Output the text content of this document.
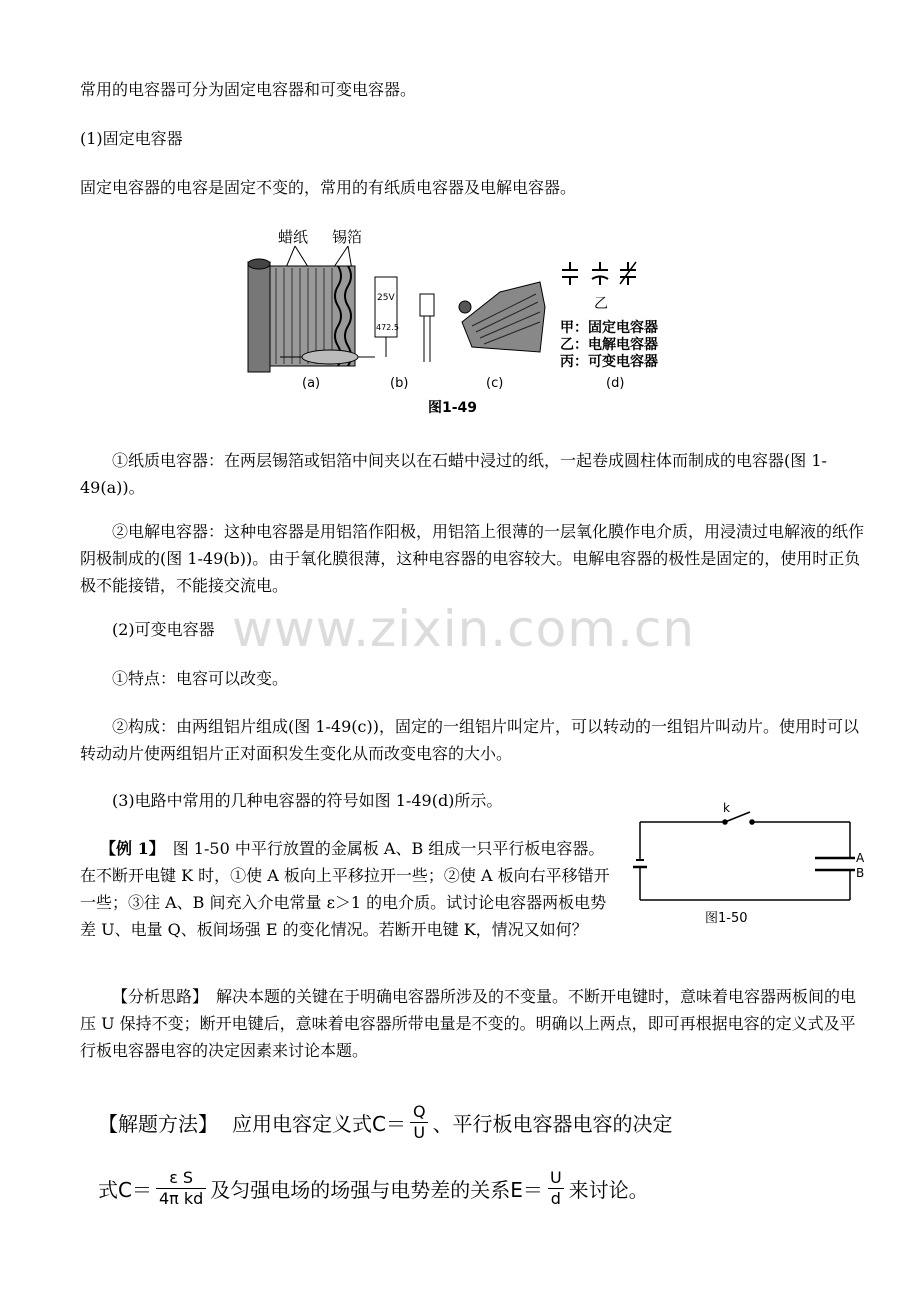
常用的电容器可分为固定电容器和可变电容器。

(1)固定电容器

固定电容器的电容是固定不变的，常用的有纸质电容器及电解电容器。

蜡纸 锡箔
25V
472.5
乙
甲：固定电容器
乙：电解电容器
丙：可变电容器
(a)	(b)	(c)	(d)
图1-49

①纸质电容器：在两层锡箔或铝箔中间夹以在石蜡中浸过的纸，一起卷成圆柱体而制成的电容器(图 1-49(a))。

②电解电容器：这种电容器是用铝箔作阳极，用铝箔上很薄的一层氧化膜作电介质，用浸渍过电解液的纸作阴极制成的(图 1-49(b))。由于氧化膜很薄，这种电容器的电容较大。电解电容器的极性是固定的，使用时正负极不能接错，不能接交流电。

www.zixin.com.cn

(2)可变电容器

①特点：电容可以改变。

②构成：由两组铝片组成(图 1-49(c))，固定的一组铝片叫定片，可以转动的一组铝片叫动片。使用时可以转动动片使两组铝片正对面积发生变化从而改变电容的大小。

(3)电路中常用的几种电容器的符号如图 1-49(d)所示。

【例 1】　图 1-50 中平行放置的金属板 A、B 组成一只平行板电容器。在不断开电键 K 时，①使 A 板向上平移拉开一些；②使 A 板向右平移错开一些；③往 A、B 间充入介电常量 ε＞1 的电介质。试讨论电容器两板电势差 U、电量 Q、板间场强 E 的变化情况。若断开电键 K，情况又如何？

k
A
B
图1-50

【分析思路】　解决本题的关键在于明确电容器所涉及的不变量。不断开电键时，意味着电容器两板间的电压 U 保持不变；断开电键后，意味着电容器所带电量是不变的。明确以上两点，即可再根据电容的定义式及平行板电容器电容的决定因素来讨论本题。

【解题方法】 应用电容定义式$C= \frac{Q}{U}$ 、平行板电容器电容的决定
式$C= \frac{\text{ε S}}{\text{4π kd}}$ 及匀强电场的场强与电势差的关系$E= \frac{U}{d}$ 来讨论。
